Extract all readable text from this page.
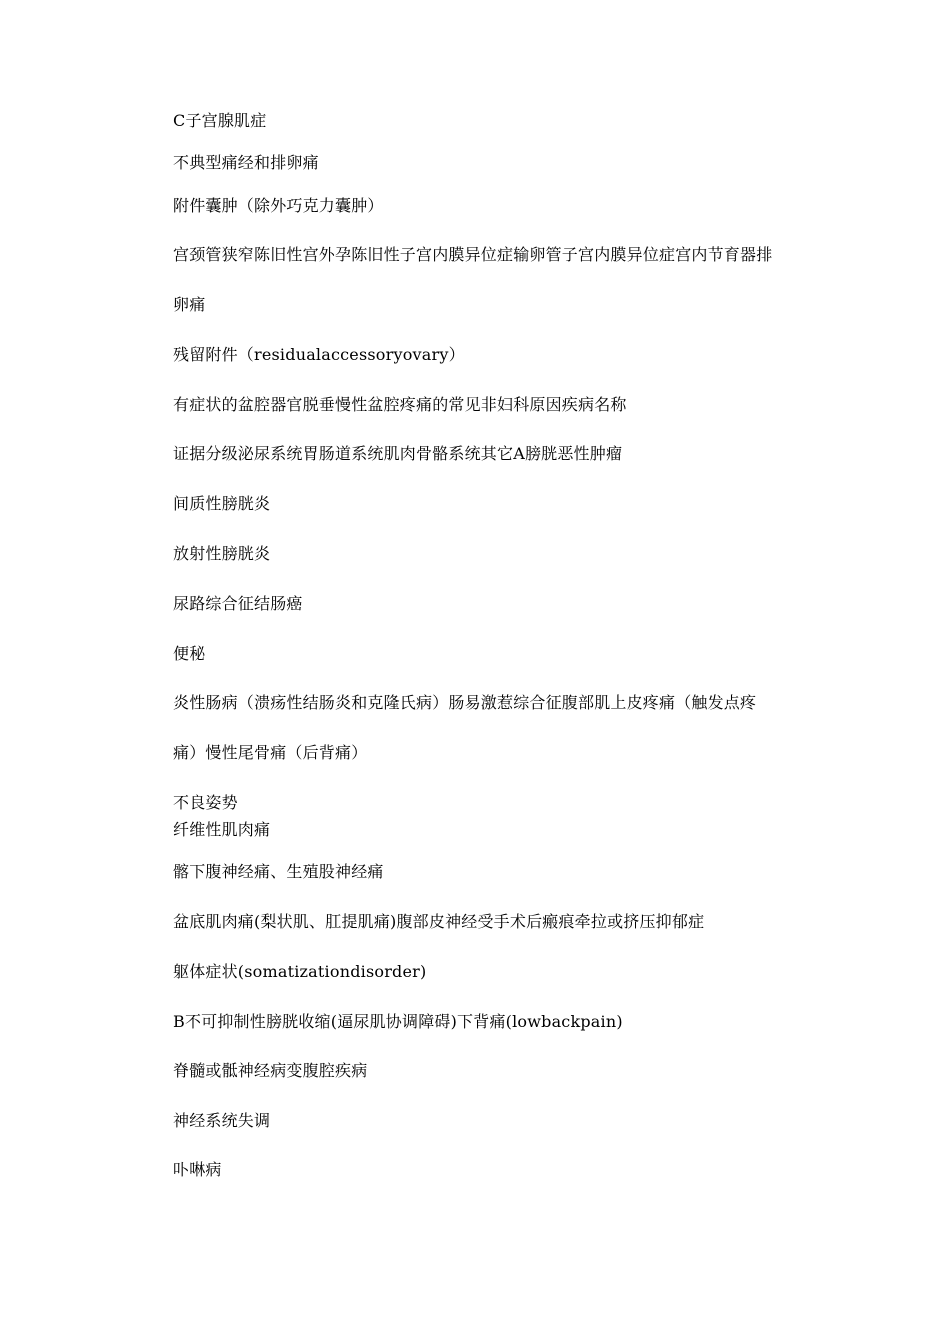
C子宫腺肌症
不典型痛经和排卵痛
附件囊肿（除外巧克力囊肿）
宫颈管狭窄陈旧性宫外孕陈旧性子宫内膜异位症输卵管子宫内膜异位症宫内节育器排
卵痛
残留附件（residualaccessoryovary）
有症状的盆腔器官脱垂慢性盆腔疼痛的常见非妇科原因疾病名称
证据分级泌尿系统胃肠道系统肌肉骨骼系统其它A膀胱恶性肿瘤
间质性膀胱炎
放射性膀胱炎
尿路综合征结肠癌
便秘
炎性肠病（溃疡性结肠炎和克隆氏病）肠易激惹综合征腹部肌上皮疼痛（触发点疼
痛）慢性尾骨痛（后背痛）
不良姿势
纤维性肌肉痛
髂下腹神经痛、生殖股神经痛
盆底肌肉痛(梨状肌、肛提肌痛)腹部皮神经受手术后瘢痕牵拉或挤压抑郁症
躯体症状(somatizationdisorder)
B不可抑制性膀胱收缩(逼尿肌协调障碍)下背痛(lowbackpain)
脊髓或骶神经病变腹腔疾病
神经系统失调
卟啉病
